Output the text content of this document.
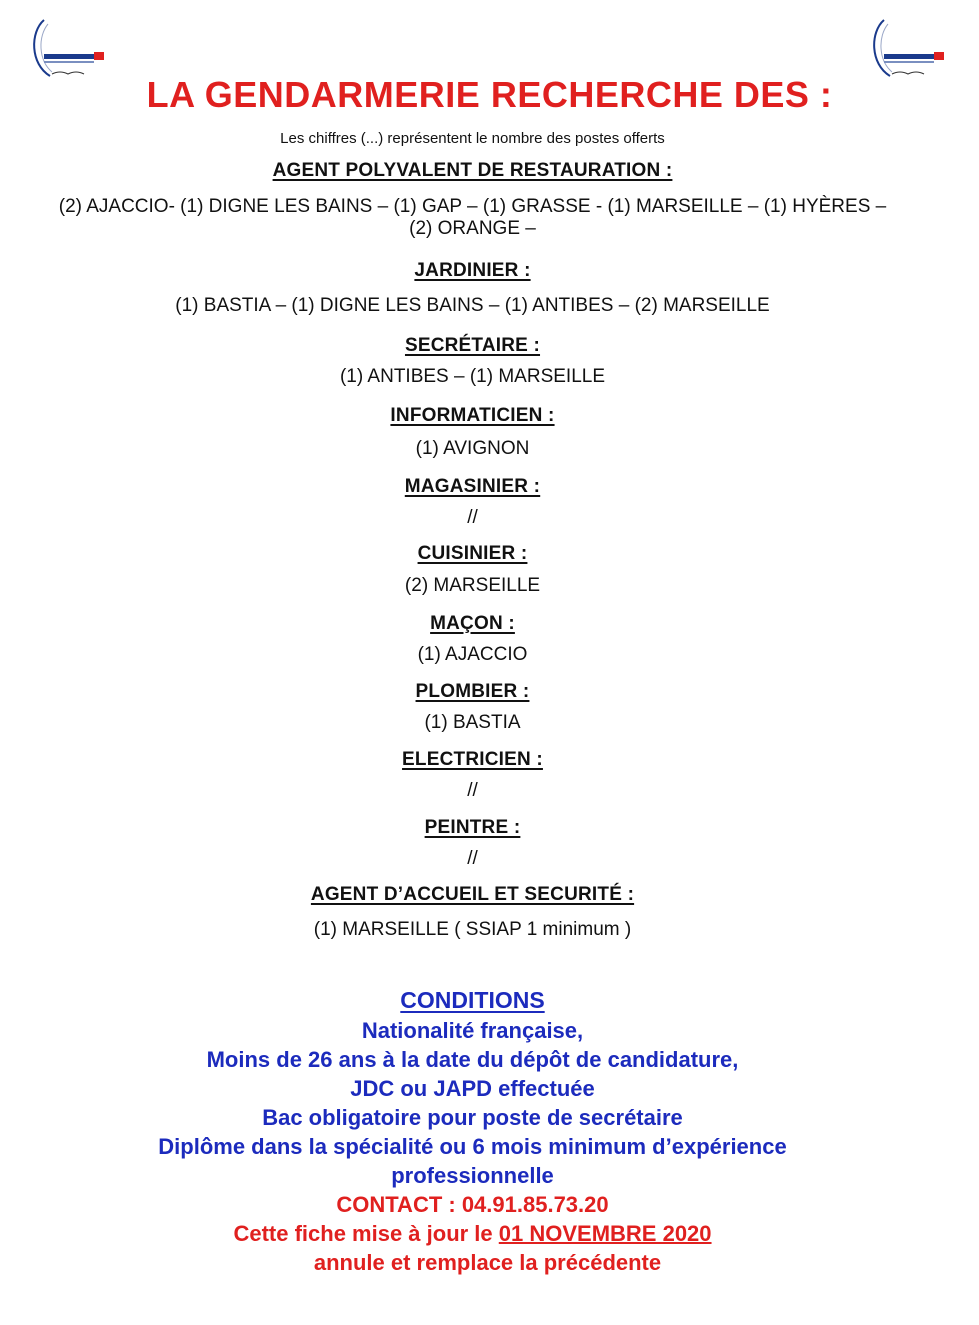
LA GENDARMERIE RECHERCHE DES :
Les chiffres (...) représentent le nombre des postes offerts
AGENT POLYVALENT DE RESTAURATION :
(2) AJACCIO- (1) DIGNE LES BAINS – (1) GAP – (1) GRASSE - (1) MARSEILLE – (1) HYÈRES –
(2) ORANGE –
JARDINIER :
(1) BASTIA – (1) DIGNE LES BAINS – (1) ANTIBES – (2) MARSEILLE
SECRÉTAIRE :
(1) ANTIBES – (1) MARSEILLE
INFORMATICIEN :
(1) AVIGNON
MAGASINIER :
//
CUISINIER :
(2) MARSEILLE
MAÇON :
(1) AJACCIO
PLOMBIER :
(1) BASTIA
ELECTRICIEN :
//
PEINTRE :
//
AGENT D’ACCUEIL ET SECURITÉ :
(1) MARSEILLE ( SSIAP 1 minimum )
CONDITIONS
Nationalité française,
Moins de 26 ans à la date du dépôt de candidature,
JDC ou JAPD effectuée
Bac obligatoire pour poste de secrétaire
Diplôme dans la spécialité ou 6 mois minimum d’expérience
professionnelle
CONTACT : 04.91.85.73.20
Cette fiche mise à jour le 01 NOVEMBRE 2020
annule et remplace la précédente
